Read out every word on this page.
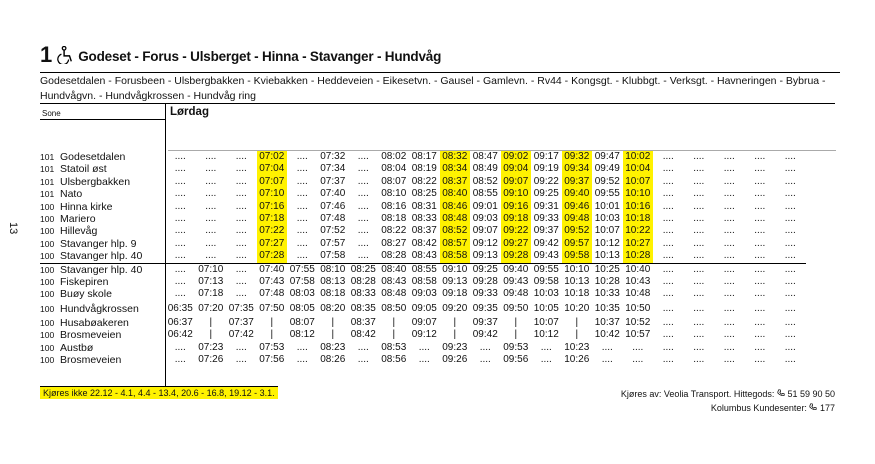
13
1 Godeset - Forus - Ulsberget - Hinna - Stavanger - Hundvåg
Godesetdalen - Forusbeen - Ulsbergbakken - Kviebakken - Heddeveien - Eikesetvn. - Gausel - Gamlevn. - Rv44 - Kongsgt. - Klubbgt. - Verksgt. - Havneringen - Bybrua - Hundvågvn. - Hundvågkrossen - Hundvåg ring
Sone	Lørdag
101	Godesetdalen	....	....	....	07:02	....	07:32	....	08:02	08:17	08:32	08:47	09:02	09:17	09:32	09:47	10:02	....	....	....	....	....
101	Statoil øst	....	....	....	07:04	....	07:34	....	08:04	08:19	08:34	08:49	09:04	09:19	09:34	09:49	10:04	....	....	....	....	....
101	Ulsbergbakken	....	....	....	07:07	....	07:37	....	08:07	08:22	08:37	08:52	09:07	09:22	09:37	09:52	10:07	....	....	....	....	....
101	Nato	....	....	....	07:10	....	07:40	....	08:10	08:25	08:40	08:55	09:10	09:25	09:40	09:55	10:10	....	....	....	....	....
100	Hinna kirke	....	....	....	07:16	....	07:46	....	08:16	08:31	08:46	09:01	09:16	09:31	09:46	10:01	10:16	....	....	....	....	....
100	Mariero	....	....	....	07:18	....	07:48	....	08:18	08:33	08:48	09:03	09:18	09:33	09:48	10:03	10:18	....	....	....	....	....
100	Hillevåg	....	....	....	07:22	....	07:52	....	08:22	08:37	08:52	09:07	09:22	09:37	09:52	10:07	10:22	....	....	....	....	....
100	Stavanger hlp. 9	....	....	....	07:27	....	07:57	....	08:27	08:42	08:57	09:12	09:27	09:42	09:57	10:12	10:27	....	....	....	....	....
100	Stavanger hlp. 40	....	....	....	07:28	....	07:58	....	08:28	08:43	08:58	09:13	09:28	09:43	09:58	10:13	10:28	....	....	....	....	....
100	Stavanger hlp. 40	....	07:10	....	07:40	07:55	08:10	08:25	08:40	08:55	09:10	09:25	09:40	09:55	10:10	10:25	10:40	....	....	....	....	....
100	Fiskepiren	....	07:13	....	07:43	07:58	08:13	08:28	08:43	08:58	09:13	09:28	09:43	09:58	10:13	10:28	10:43	....	....	....	....	....
100	Buøy skole	....	07:18	....	07:48	08:03	08:18	08:33	08:48	09:03	09:18	09:33	09:48	10:03	10:18	10:33	10:48	....	....	....	....	....
100	Hundvågkrossen	06:35	07:20	07:35	07:50	08:05	08:20	08:35	08:50	09:05	09:20	09:35	09:50	10:05	10:20	10:35	10:50	....	....	....	....	....
100	Husabøakeren	06:37	|	07:37	|	08:07	|	08:37	|	09:07	|	09:37	|	10:07	|	10:37	10:52	....	....	....	....	....
100	Brosmeveien	06:42	|	07:42	|	08:12	|	08:42	|	09:12	|	09:42	|	10:12	|	10:42	10:57	....	....	....	....	....
100	Austbø	....	07:23	....	07:53	....	08:23	....	08:53	....	09:23	....	09:53	....	10:23	....	....	....	....	....	....	....
100	Brosmeveien	....	07:26	....	07:56	....	08:26	....	08:56	....	09:26	....	09:56	....	10:26	....	....	....	....	....	....	....
Kjøres ikke 22.12 - 4.1, 4.4 - 13.4, 20.6 - 16.8, 19.12 - 3.1.	Kjøres av: Veolia Transport. Hittegods: 51 59 90 50
Kolumbus Kundesenter: 177
